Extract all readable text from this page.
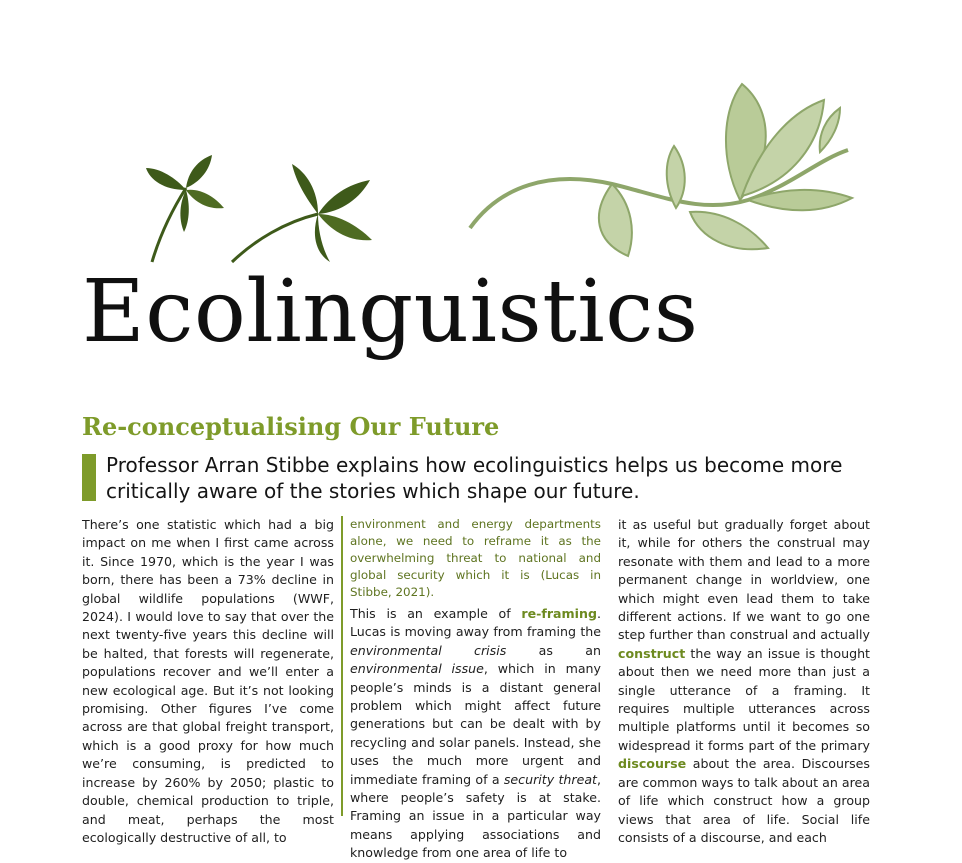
Ecolinguistics
Re-conceptualising Our Future

Professor Arran Stibbe explains how ecolinguistics helps us become more critically aware of the stories which shape our future.

There’s one statistic which had a big impact on me when I first came across it. Since 1970, which is the year I was born, there has been a 73% decline in global wildlife populations (WWF, 2024). I would love to say that over the next twenty-five years this decline will be halted, that forests will regenerate, populations recover and we’ll enter a new ecological age. But it’s not looking promising. Other figures I’ve come across are that global freight transport, which is a good proxy for how much we’re consuming, is predicted to increase by 260% by 2050; plastic to double, chemical production to triple, and meat, perhaps the most ecologically destructive of all, to

environment and energy departments alone, we need to reframe it as the overwhelming threat to national and global security which it is (Lucas in Stibbe, 2021).

This is an example of re-framing. Lucas is moving away from framing the environmental crisis as an environmental issue, which in many people’s minds is a distant general problem which might affect future generations but can be dealt with by recycling and solar panels. Instead, she uses the much more urgent and immediate framing of a security threat, where people’s safety is at stake. Framing an issue in a particular way means applying associations and knowledge from one area of life to

it as useful but gradually forget about it, while for others the construal may resonate with them and lead to a more permanent change in worldview, one which might even lead them to take different actions. If we want to go one step further than construal and actually construct the way an issue is thought about then we need more than just a single utterance of a framing. It requires multiple utterances across multiple platforms until it becomes so widespread it forms part of the primary discourse about the area. Discourses are common ways to talk about an area of life which construct how a group views that area of life. Social life consists of a discourse, and each
